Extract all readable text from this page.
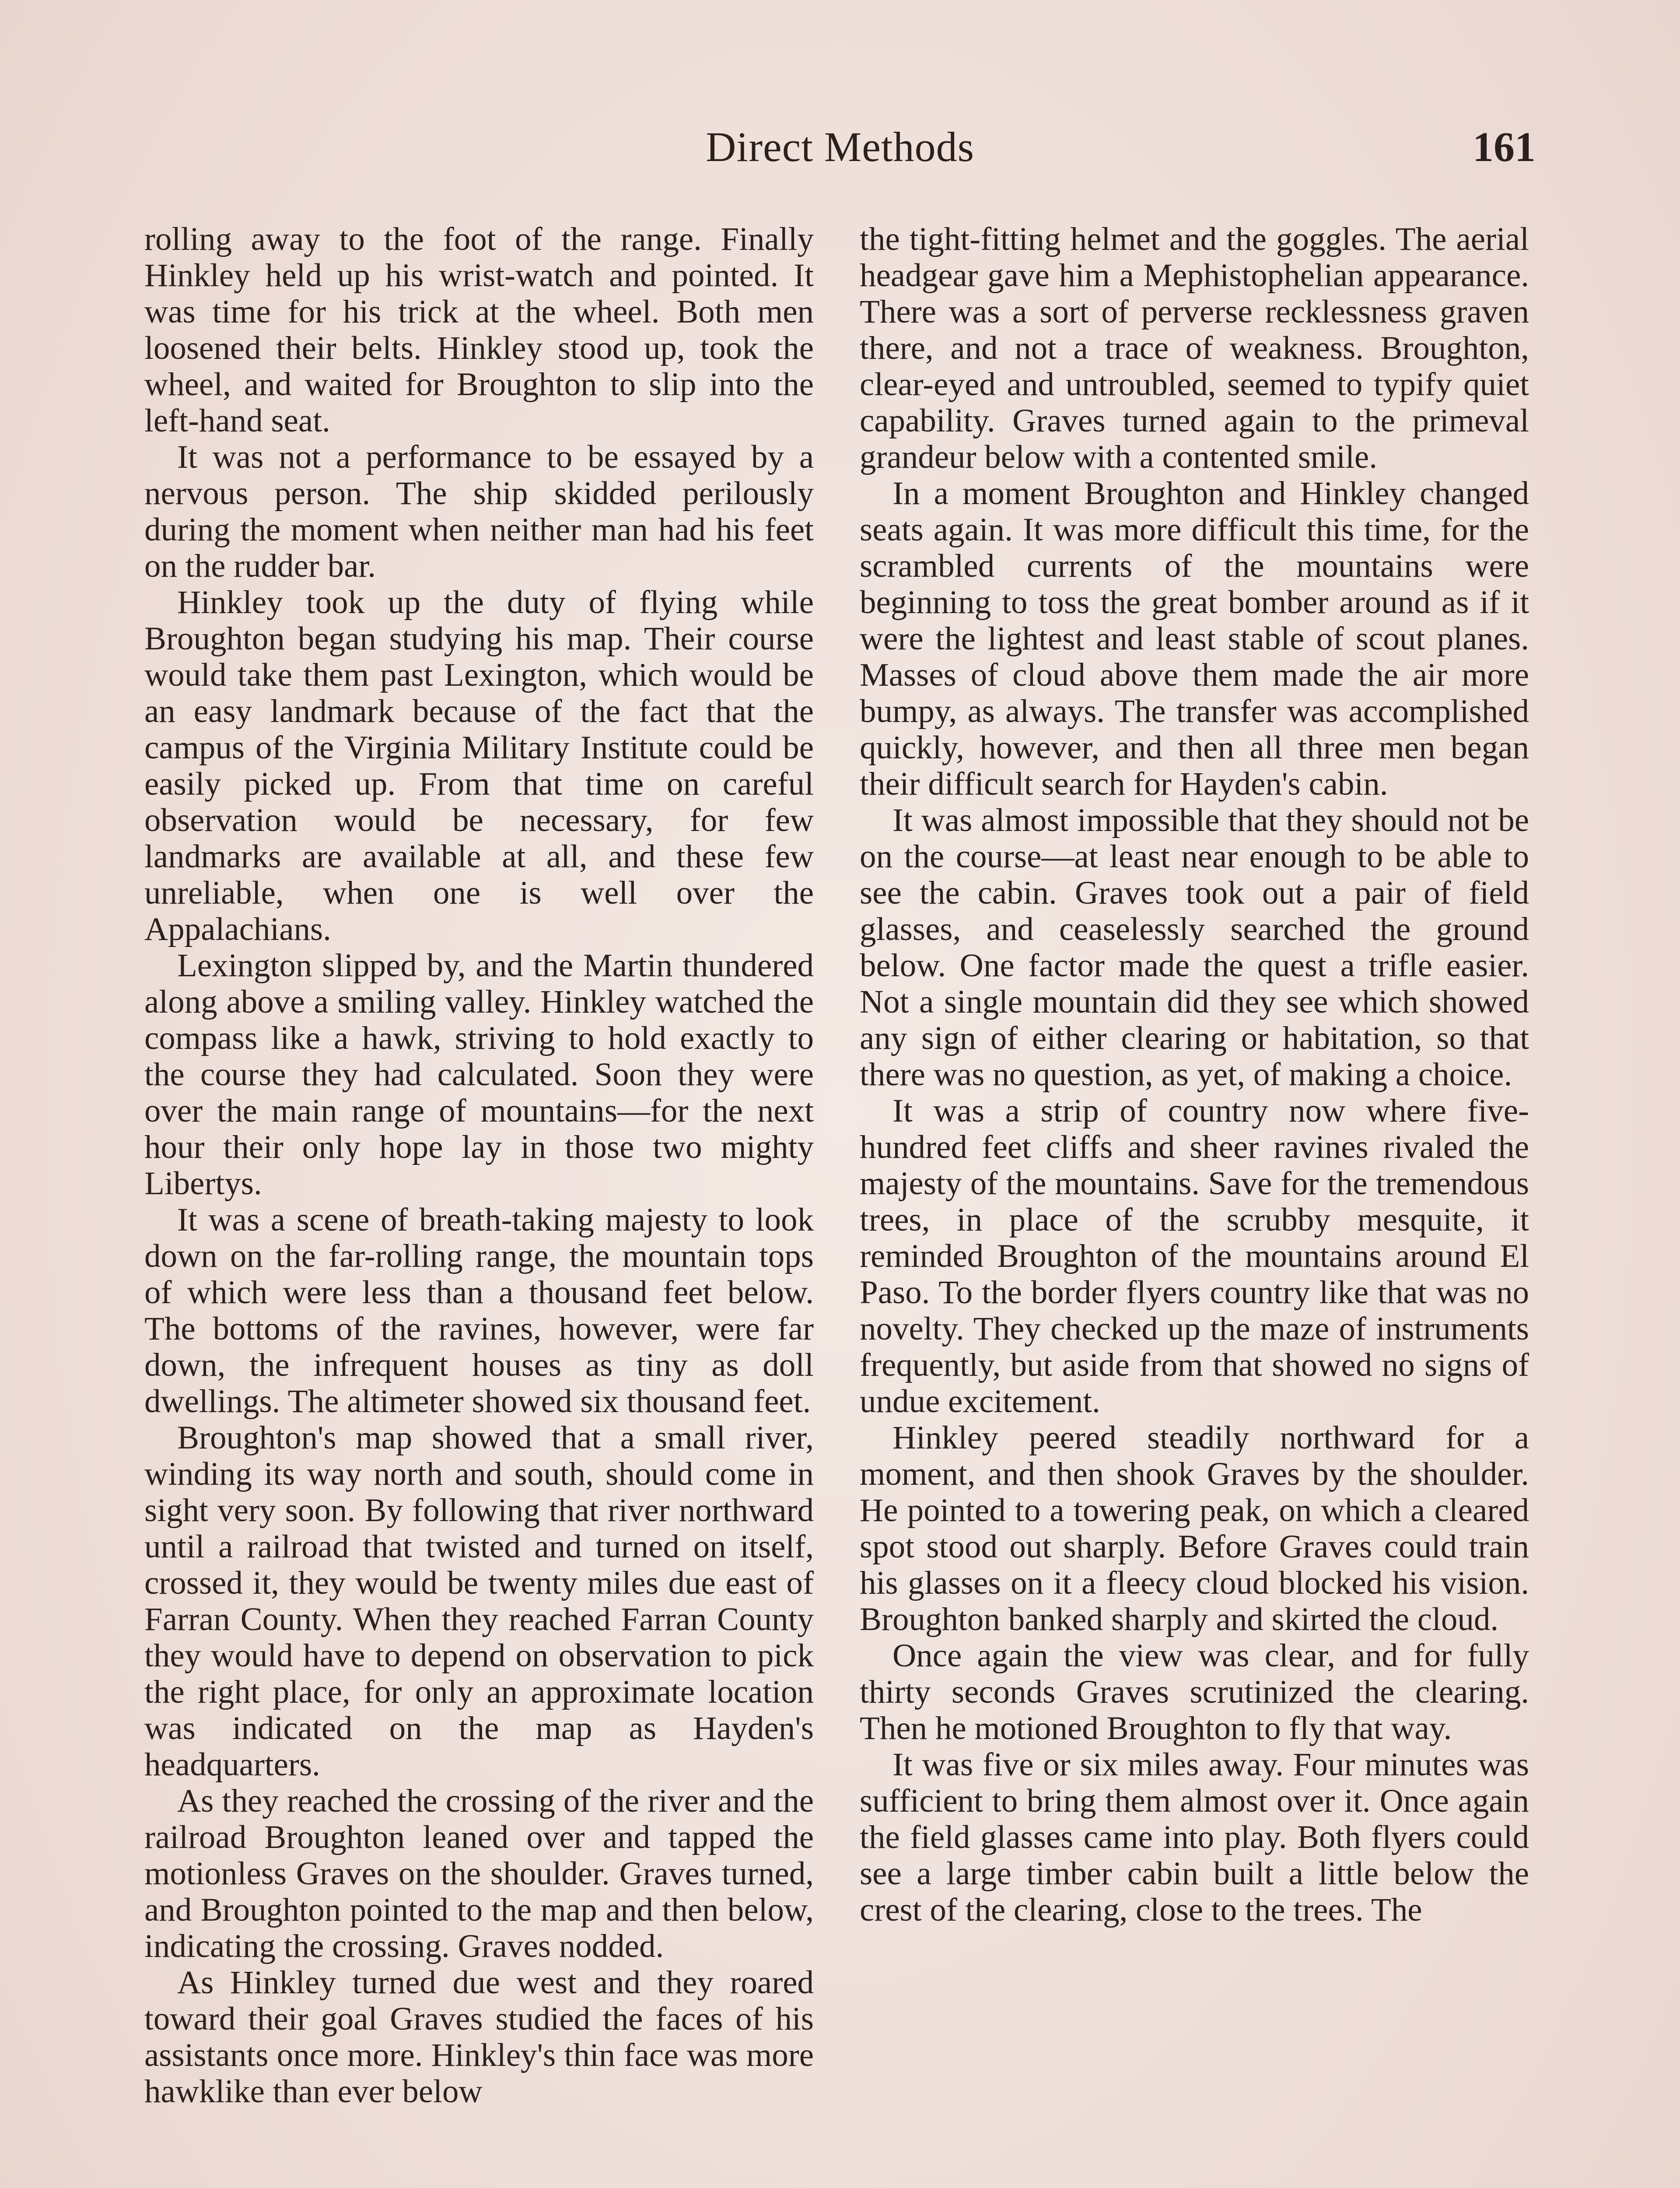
Direct Methods	161

rolling away to the foot of the range. Finally Hinkley held up his wrist-watch and pointed. It was time for his trick at the wheel. Both men loosened their belts. Hinkley stood up, took the wheel, and waited for Broughton to slip into the left-hand seat.

It was not a performance to be essayed by a nervous person. The ship skidded perilously during the moment when neither man had his feet on the rudder bar.

Hinkley took up the duty of flying while Broughton began studying his map. Their course would take them past Lexington, which would be an easy landmark because of the fact that the campus of the Virginia Military Institute could be easily picked up. From that time on careful observation would be necessary, for few landmarks are available at all, and these few unreliable, when one is well over the Appalachians.

Lexington slipped by, and the Martin thundered along above a smiling valley. Hinkley watched the compass like a hawk, striving to hold exactly to the course they had calculated. Soon they were over the main range of mountains—for the next hour their only hope lay in those two mighty Libertys.

It was a scene of breath-taking majesty to look down on the far-rolling range, the mountain tops of which were less than a thousand feet below. The bottoms of the ravines, however, were far down, the infrequent houses as tiny as doll dwellings. The altimeter showed six thousand feet.

Broughton's map showed that a small river, winding its way north and south, should come in sight very soon. By following that river northward until a railroad that twisted and turned on itself, crossed it, they would be twenty miles due east of Farran County. When they reached Farran County they would have to depend on observation to pick the right place, for only an approximate location was indicated on the map as Hayden's headquarters.

As they reached the crossing of the river and the railroad Broughton leaned over and tapped the motionless Graves on the shoulder. Graves turned, and Broughton pointed to the map and then below, indicating the crossing. Graves nodded.

As Hinkley turned due west and they roared toward their goal Graves studied the faces of his assistants once more. Hinkley's thin face was more hawklike than ever below

the tight-fitting helmet and the goggles. The aerial headgear gave him a Mephistophelian appearance. There was a sort of perverse recklessness graven there, and not a trace of weakness. Broughton, clear-eyed and untroubled, seemed to typify quiet capability. Graves turned again to the primeval grandeur below with a contented smile.

In a moment Broughton and Hinkley changed seats again. It was more difficult this time, for the scrambled currents of the mountains were beginning to toss the great bomber around as if it were the lightest and least stable of scout planes. Masses of cloud above them made the air more bumpy, as always. The transfer was accomplished quickly, however, and then all three men began their difficult search for Hayden's cabin.

It was almost impossible that they should not be on the course—at least near enough to be able to see the cabin. Graves took out a pair of field glasses, and ceaselessly searched the ground below. One factor made the quest a trifle easier. Not a single mountain did they see which showed any sign of either clearing or habitation, so that there was no question, as yet, of making a choice.

It was a strip of country now where five-hundred feet cliffs and sheer ravines rivaled the majesty of the mountains. Save for the tremendous trees, in place of the scrubby mesquite, it reminded Broughton of the mountains around El Paso. To the border flyers country like that was no novelty. They checked up the maze of instruments frequently, but aside from that showed no signs of undue excitement.

Hinkley peered steadily northward for a moment, and then shook Graves by the shoulder. He pointed to a towering peak, on which a cleared spot stood out sharply. Before Graves could train his glasses on it a fleecy cloud blocked his vision. Broughton banked sharply and skirted the cloud.

Once again the view was clear, and for fully thirty seconds Graves scrutinized the clearing. Then he motioned Broughton to fly that way.

It was five or six miles away. Four minutes was sufficient to bring them almost over it. Once again the field glasses came into play. Both flyers could see a large timber cabin built a little below the crest of the clearing, close to the trees. The
